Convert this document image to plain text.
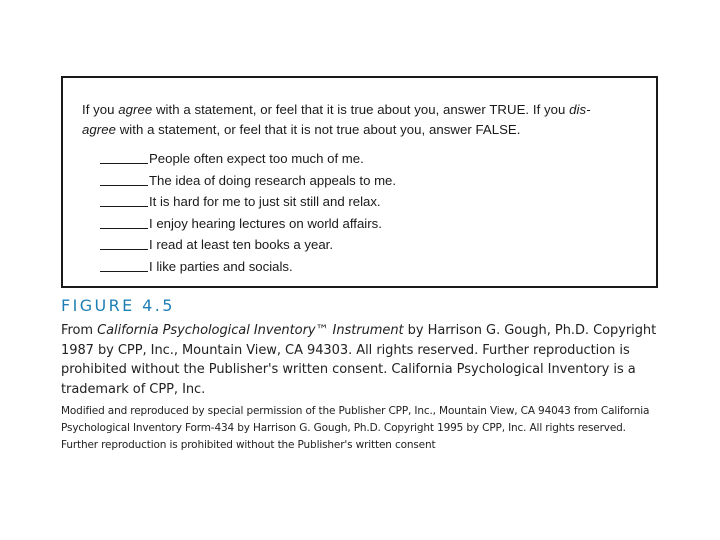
If you agree with a statement, or feel that it is true about you, answer TRUE. If you dis-
agree with a statement, or feel that it is not true about you, answer FALSE.
People often expect too much of me.
The idea of doing research appeals to me.
It is hard for me to just sit still and relax.
I enjoy hearing lectures on world affairs.
I read at least ten books a year.
I like parties and socials.
FIGURE 4.5
From California Psychological Inventory™ Instrument by Harrison G. Gough, Ph.D. Copyright 1987 by CPP, Inc., Mountain View, CA 94303. All rights reserved. Further reproduction is prohibited without the Publisher's written consent. California Psychological Inventory is a trademark of CPP, Inc.
Modified and reproduced by special permission of the Publisher CPP, Inc., Mountain View, CA 94043 from California Psychological Inventory Form-434 by Harrison G. Gough, Ph.D. Copyright 1995 by CPP, Inc. All rights reserved. Further reproduction is prohibited without the Publisher's written consent
